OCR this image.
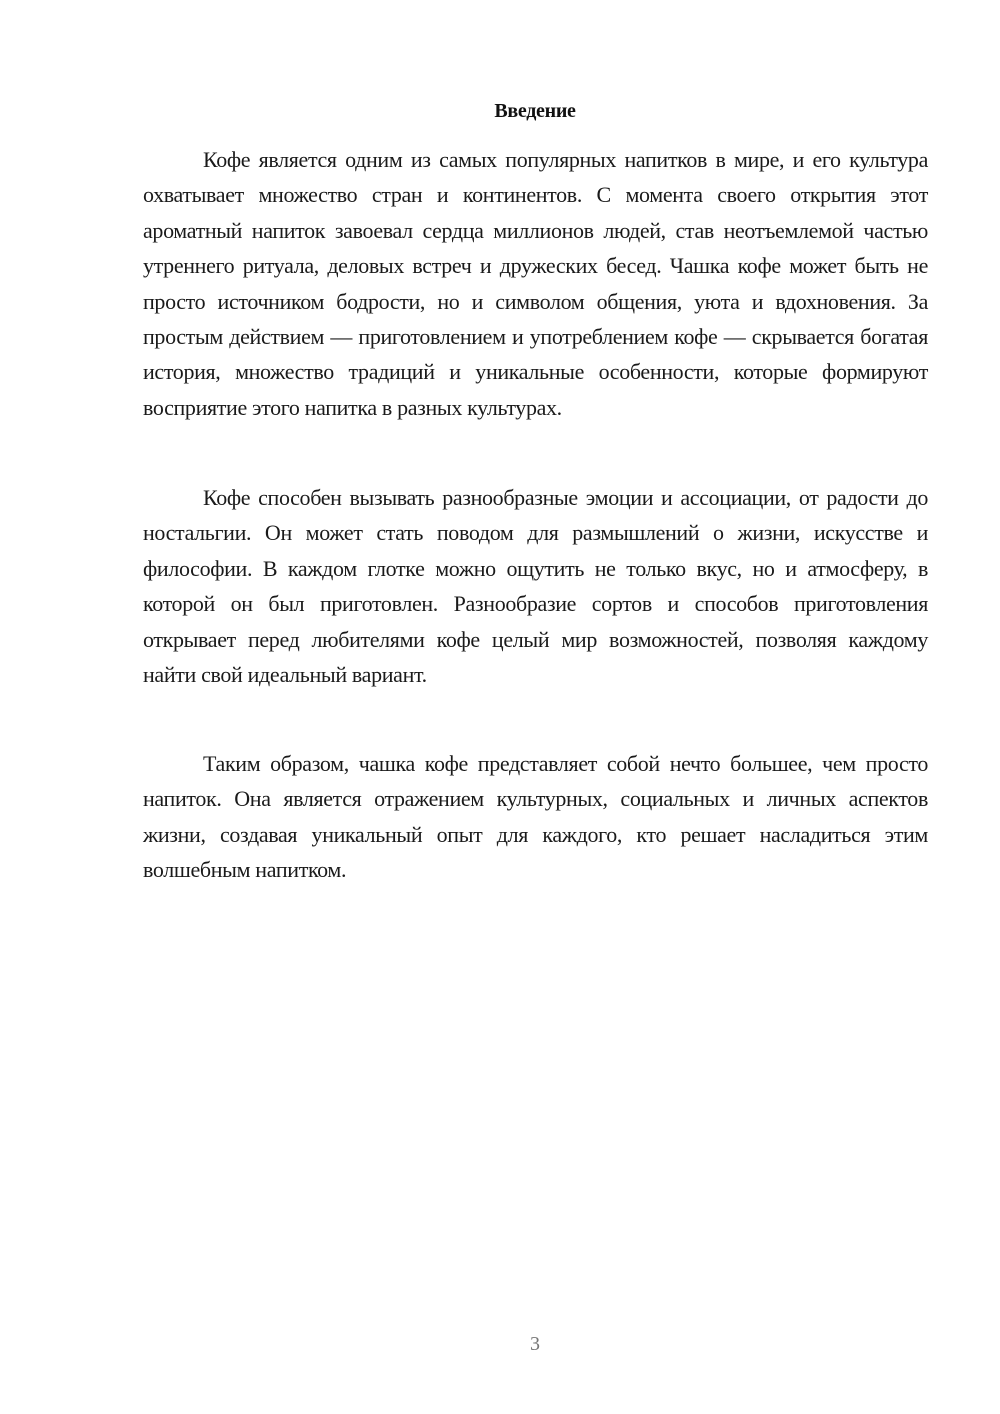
Введение

Кофе является одним из самых популярных напитков в мире, и его культура охватывает множество стран и континентов. С момента своего открытия этот ароматный напиток завоевал сердца миллионов людей, став неотъемлемой частью утреннего ритуала, деловых встреч и дружеских бесед. Чашка кофе может быть не просто источником бодрости, но и символом общения, уюта и вдохновения. За простым действием — приготовлением и употреблением кофе — скрывается богатая история, множество традиций и уникальные особенности, которые формируют восприятие этого напитка в разных культурах.

Кофе способен вызывать разнообразные эмоции и ассоциации, от радости до ностальгии. Он может стать поводом для размышлений о жизни, искусстве и философии. В каждом глотке можно ощутить не только вкус, но и атмосферу, в которой он был приготовлен. Разнообразие сортов и способов приготовления открывает перед любителями кофе целый мир возможностей, позволяя каждому найти свой идеальный вариант.

Таким образом, чашка кофе представляет собой нечто большее, чем просто напиток. Она является отражением культурных, социальных и личных аспектов жизни, создавая уникальный опыт для каждого, кто решает насладиться этим волшебным напитком.

3
